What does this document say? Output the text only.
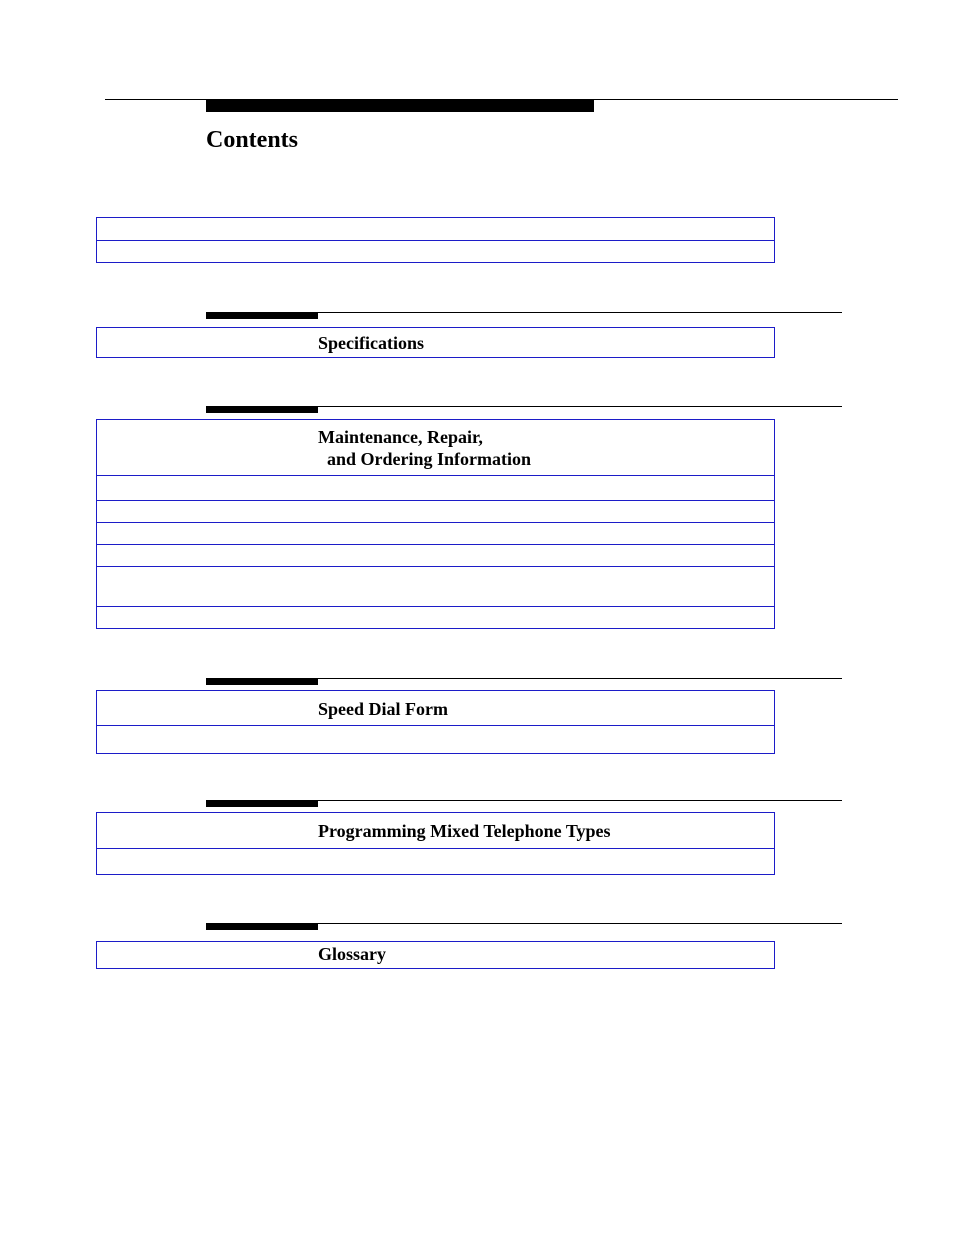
Contents
Specifications
Maintenance, Repair,
and Ordering Information
Speed Dial Form
Programming Mixed Telephone Types
Glossary
